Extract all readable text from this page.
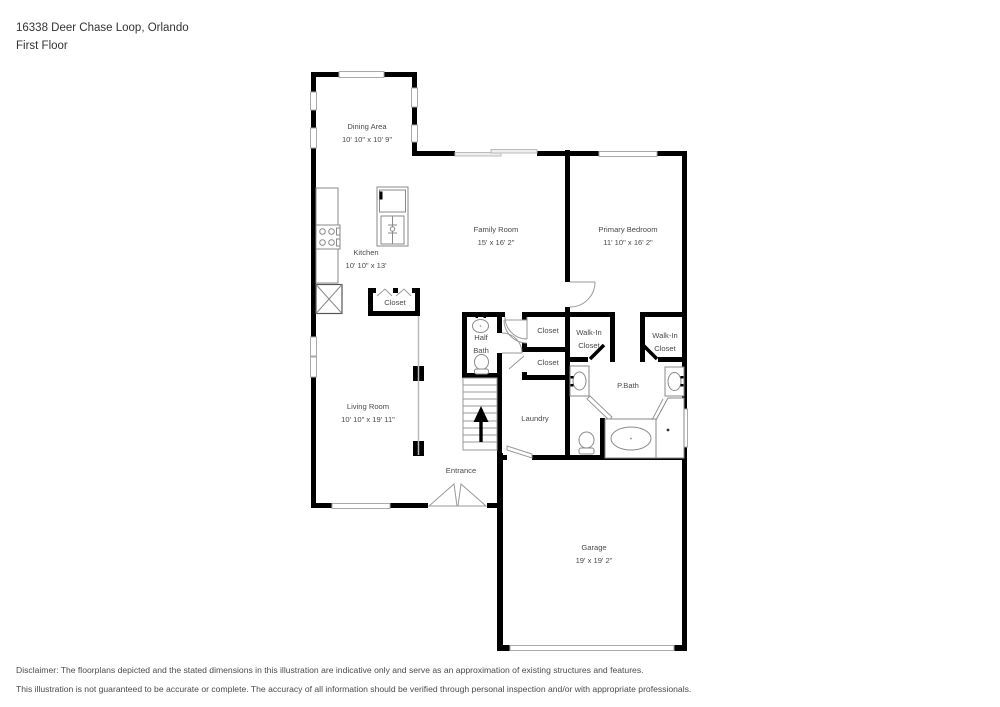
16338 Deer Chase Loop, Orlando
First Floor
Dining Area
10' 10" x 10' 9"
Kitchen
10' 10" x 13'
Family Room
15' x 16' 2"
Primary Bedroom
11' 10" x 16' 2"
Closet
Half
Bath
Closet
Closet
Walk-In
Closet
Walk-In
Closet
P.Bath
Laundry
Living Room
10' 10" x 19' 11"
Entrance
Garage
19' x 19' 2"
Disclaimer: The floorplans depicted and the stated dimensions in this illustration are indicative only and serve as an approximation of existing structures and features.
This illustration is not guaranteed to be accurate or complete. The accuracy of all information should be verified through personal inspection and/or with appropriate professionals.
